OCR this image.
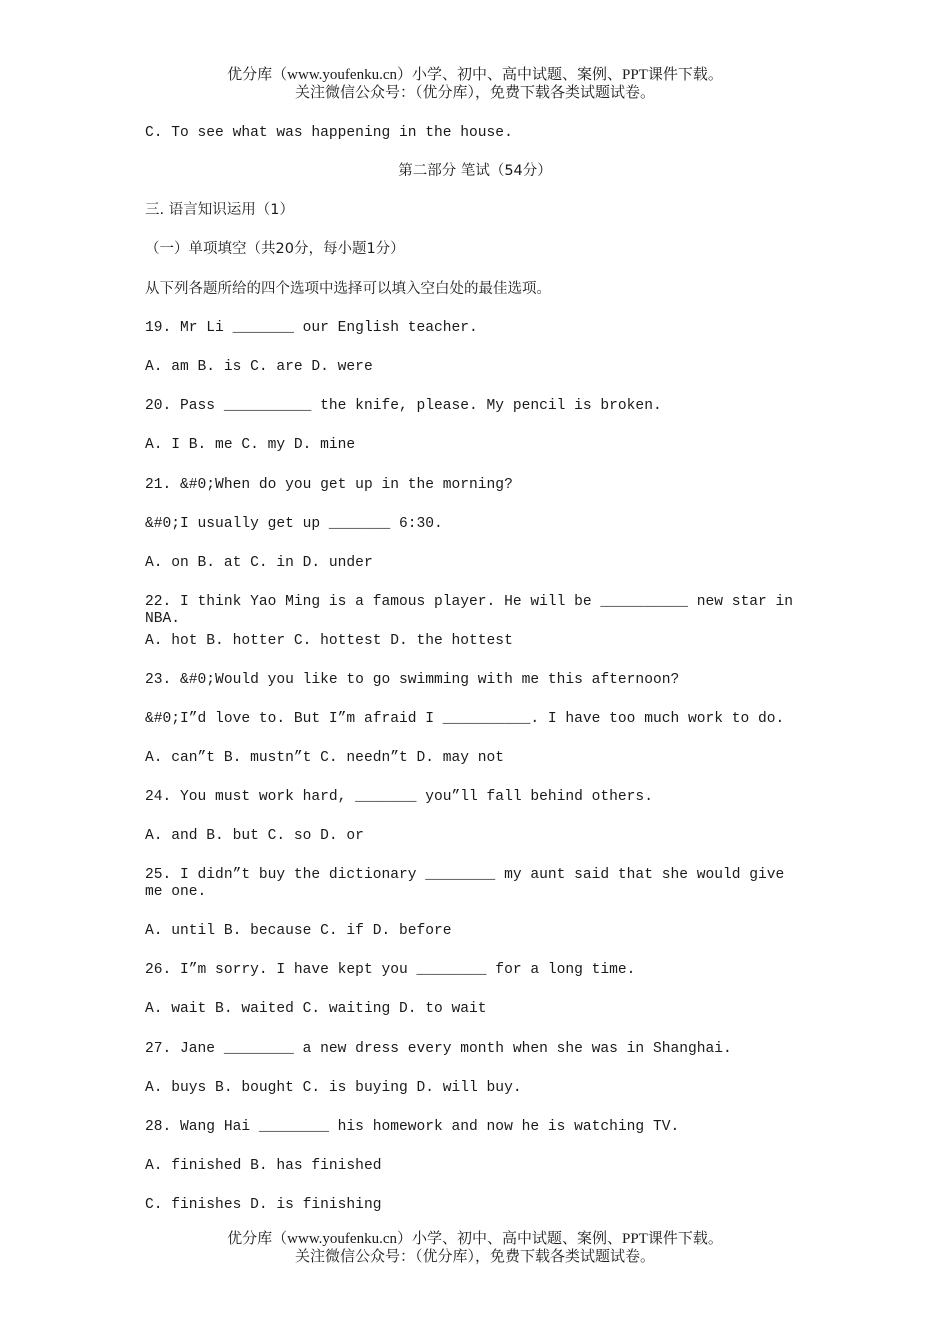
优分库（www.youfenku.cn）小学、初中、高中试题、案例、PPT课件下载。
关注微信公众号：（优分库），免费下载各类试题试卷。

C. To see what was happening in the house.

第二部分 笔试（54分）

三. 语言知识运用（1）

（一）单项填空（共20分，每小题1分）

从下列各题所给的四个选项中选择可以填入空白处的最佳选项。

19. Mr Li _______ our English teacher.

A. am B. is C. are D. were

20. Pass __________ the knife, please. My pencil is broken.

A. I B. me C. my D. mine

21. &#0;When do you get up in the morning?

&#0;I usually get up _______ 6:30.

A. on B. at C. in D. under

22. I think Yao Ming is a famous player. He will be __________ new star in NBA.

A. hot B. hotter C. hottest D. the hottest

23. &#0;Would you like to go swimming with me this afternoon?

&#0;I”d love to. But I”m afraid I __________. I have too much work to do.

A. can”t B. mustn”t C. needn”t D. may not

24. You must work hard, _______ you”ll fall behind others.

A. and B. but C. so D. or

25. I didn”t buy the dictionary ________ my aunt said that she would give me one.

A. until B. because C. if D. before

26. I”m sorry. I have kept you ________ for a long time.

A. wait B. waited C. waiting D. to wait

27. Jane ________ a new dress every month when she was in Shanghai.

A. buys B. bought C. is buying D. will buy.

28. Wang Hai ________ his homework and now he is watching TV.

A. finished B. has finished

C. finishes D. is finishing

优分库（www.youfenku.cn）小学、初中、高中试题、案例、PPT课件下载。
关注微信公众号：（优分库），免费下载各类试题试卷。
